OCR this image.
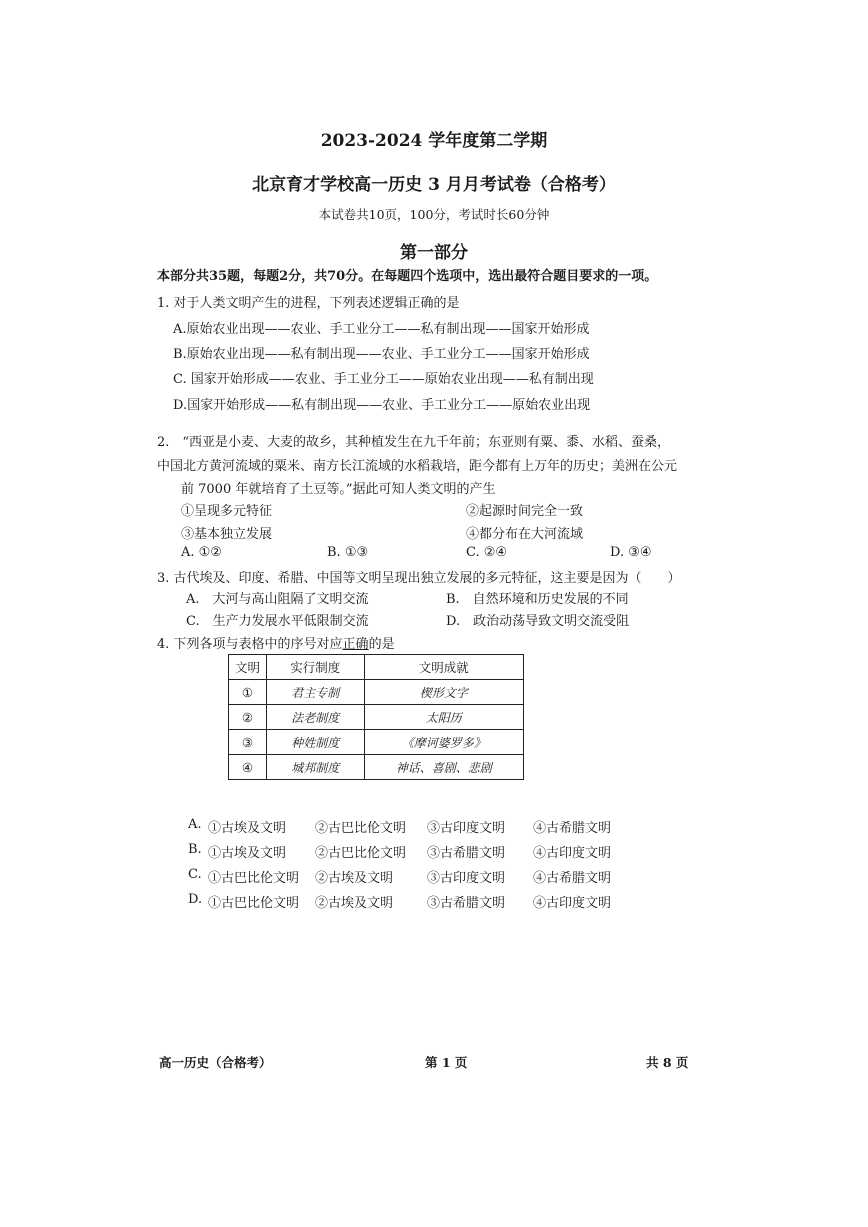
2023-2024 学年度第二学期
北京育才学校高一历史 3 月月考试卷（合格考）
本试卷共10页，100分，考试时长60分钟
第一部分
本部分共35题，每题2分，共70分。在每题四个选项中，选出最符合题目要求的一项。
1. 对于人类文明产生的进程，下列表述逻辑正确的是
A.原始农业出现——农业、手工业分工——私有制出现——国家开始形成
B.原始农业出现——私有制出现——农业、手工业分工——国家开始形成
C. 国家开始形成——农业、手工业分工——原始农业出现——私有制出现
D.国家开始形成——私有制出现——农业、手工业分工——原始农业出现
2.　“西亚是小麦、大麦的故乡，其种植发生在九千年前；东亚则有粟、黍、水稻、蚕桑，
中国北方黄河流域的粟米、南方长江流域的水稻栽培，距今都有上万年的历史；美洲在公元
前 7000 年就培育了土豆等。”据此可知人类文明的产生
①呈现多元特征	②起源时间完全一致
③基本独立发展	④都分布在大河流域
A. ①②	B. ①③	C. ②④	D. ③④
3. 古代埃及、印度、希腊、中国等文明呈现出独立发展的多元特征，这主要是因为（　　）
A.　大河与高山阻隔了文明交流	B.　自然环境和历史发展的不同
C.　生产力发展水平低限制交流	D.　政治动荡导致文明交流受阻
4. 下列各项与表格中的序号对应正确的是
文明	实行制度	文明成就
①	君主专制	楔形文字
②	法老制度	太阳历
③	种姓制度	《摩诃婆罗多》
④	城邦制度	神话、喜剧、悲剧
A. ①古埃及文明 ②古巴比伦文明 ③古印度文明 ④古希腊文明
B. ①古埃及文明 ②古巴比伦文明 ③古希腊文明 ④古印度文明
C. ①古巴比伦文明 ②古埃及文明	③古印度文明 ④古希腊文明
D. ①古巴比伦文明 ②古埃及文明	③古希腊文明 ④古印度文明
高一历史（合格考）	第 1 页	共 8 页
